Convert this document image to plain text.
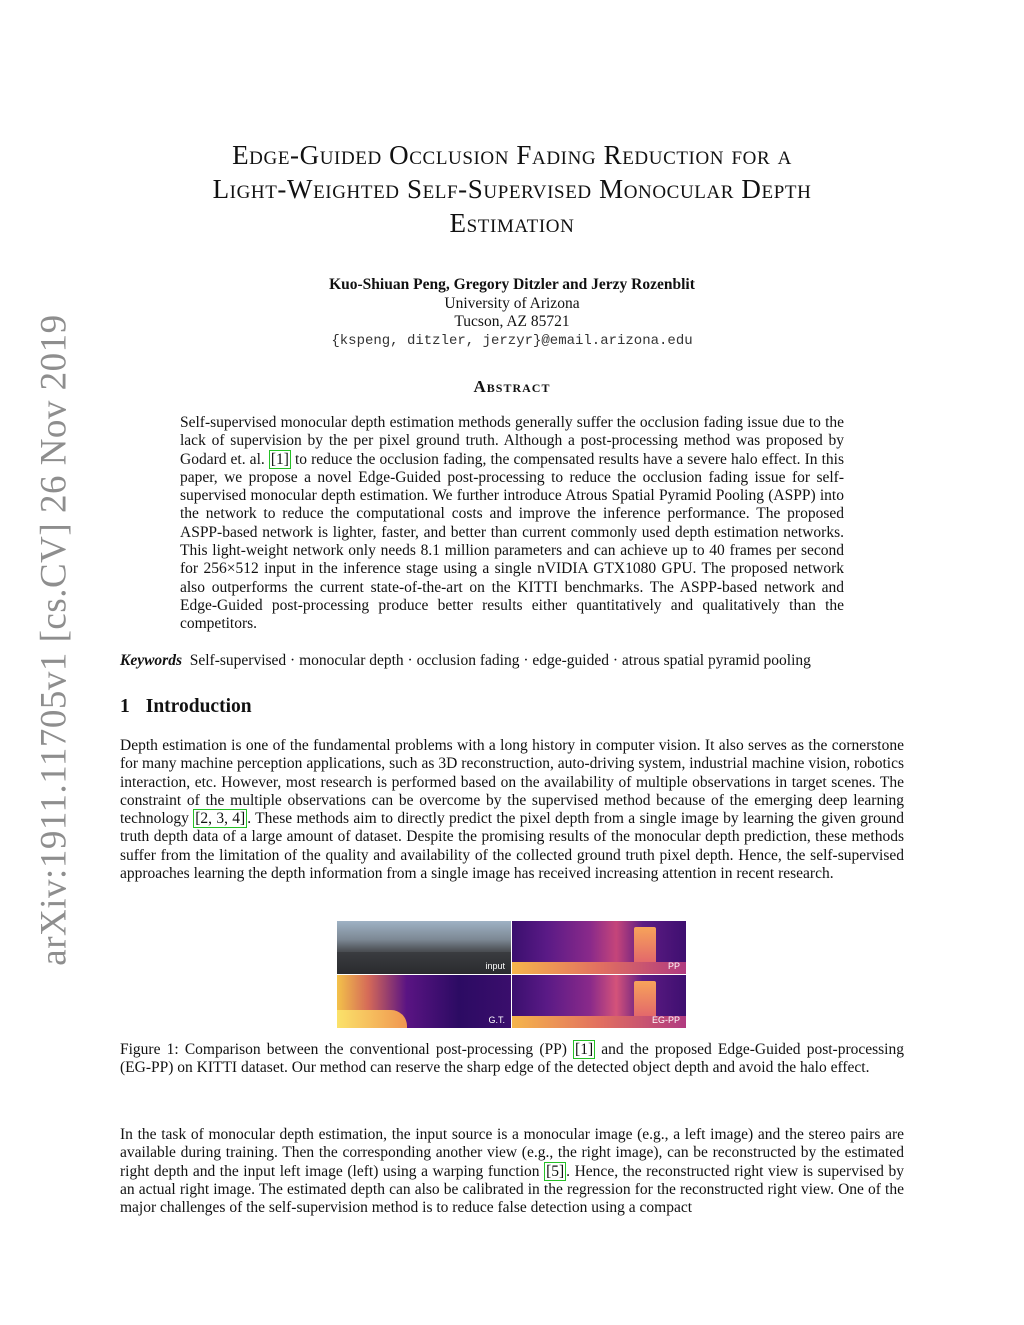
arXiv:1911.11705v1 [cs.CV] 26 Nov 2019
Edge-Guided Occlusion Fading Reduction for a
Light-Weighted Self-Supervised Monocular Depth
Estimation
Kuo-Shiuan Peng, Gregory Ditzler and Jerzy Rozenblit
University of Arizona
Tucson, AZ 85721
{kspeng, ditzler, jerzyr}@email.arizona.edu
Abstract

Self-supervised monocular depth estimation methods generally suffer the occlusion fading issue due to the lack of supervision by the per pixel ground truth. Although a post-processing method was proposed by Godard et. al. [1] to reduce the occlusion fading, the compensated results have a severe halo effect. In this paper, we propose a novel Edge-Guided post-processing to reduce the occlusion fading issue for self-supervised monocular depth estimation. We further introduce Atrous Spatial Pyramid Pooling (ASPP) into the network to reduce the computational costs and improve the inference performance. The proposed ASPP-based network is lighter, faster, and better than current commonly used depth estimation networks. This light-weight network only needs 8.1 million parameters and can achieve up to 40 frames per second for 256×512 input in the inference stage using a single nVIDIA GTX1080 GPU. The proposed network also outperforms the current state-of-the-art on the KITTI benchmarks. The ASPP-based network and Edge-Guided post-processing produce better results either quantitatively and qualitatively than the competitors.

Keywords Self-supervised · monocular depth · occlusion fading · edge-guided · atrous spatial pyramid pooling
1 Introduction

Depth estimation is one of the fundamental problems with a long history in computer vision. It also serves as the cornerstone for many machine perception applications, such as 3D reconstruction, auto-driving system, industrial machine vision, robotics interaction, etc. However, most research is performed based on the availability of multiple observations in target scenes. The constraint of the multiple observations can be overcome by the supervised method because of the emerging deep learning technology [2, 3, 4] . These methods aim to directly predict the pixel depth from a single image by learning the given ground truth depth data of a large amount of dataset. Despite the promising results of the monocular depth prediction, these methods suffer from the limitation of the quality and availability of the collected ground truth pixel depth. Hence, the self-supervised approaches learning the depth information from a single image has received increasing attention in recent research.

input	PP
G.T.	EG-PP

Figure 1: Comparison between the conventional post-processing (PP) [1] and the proposed Edge-Guided post-processing (EG-PP) on KITTI dataset. Our method can reserve the sharp edge of the detected object depth and avoid the halo effect.

In the task of monocular depth estimation, the input source is a monocular image (e.g., a left image) and the stereo pairs are available during training. Then the corresponding another view (e.g., the right image), can be reconstructed by the estimated right depth and the input left image (left) using a warping function [5] . Hence, the reconstructed right view is supervised by an actual right image. The estimated depth can also be calibrated in the regression for the reconstructed right view. One of the major challenges of the self-supervision method is to reduce false detection using a compact
